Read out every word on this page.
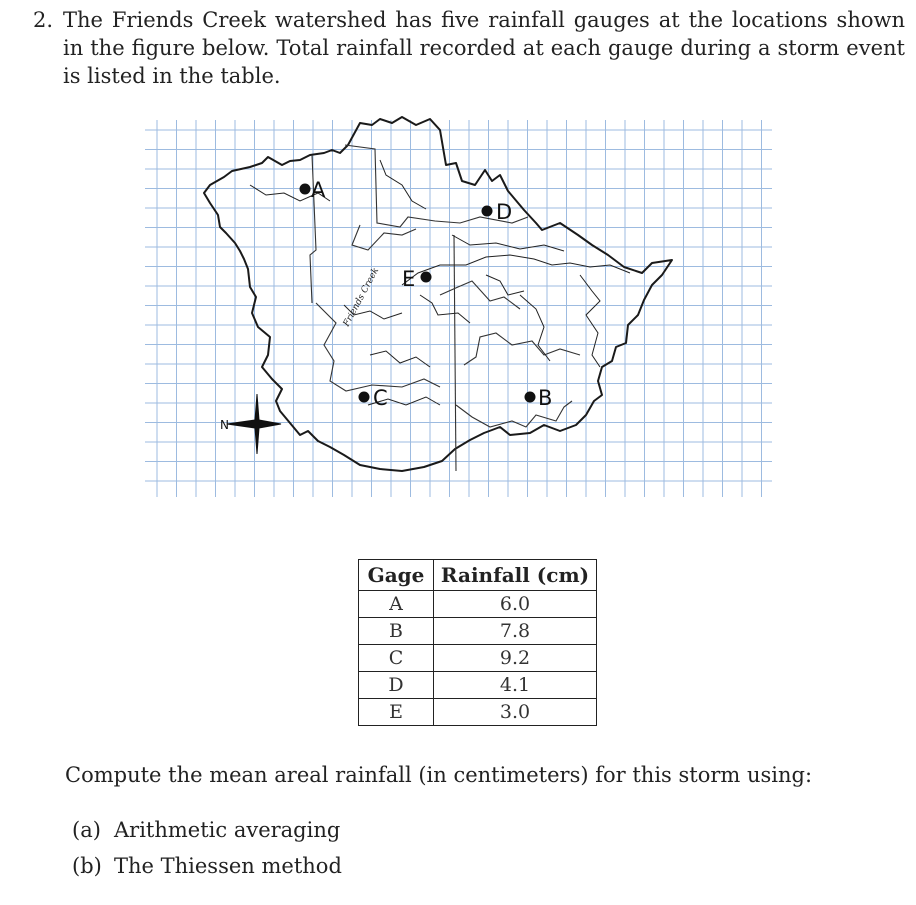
2. The Friends Creek watershed has five rainfall gauges at the locations shown in the figure below. Total rainfall recorded at each gauge during a storm event is listed in the table.
Friends Creek
N
A
D
E
C	B
Gage	Rainfall (cm)
A	6.0
B	7.8
C	9.2
D	4.1
E	3.0
Compute the mean areal rainfall (in centimeters) for this storm using:
(a) Arithmetic averaging
(b) The Thiessen method
